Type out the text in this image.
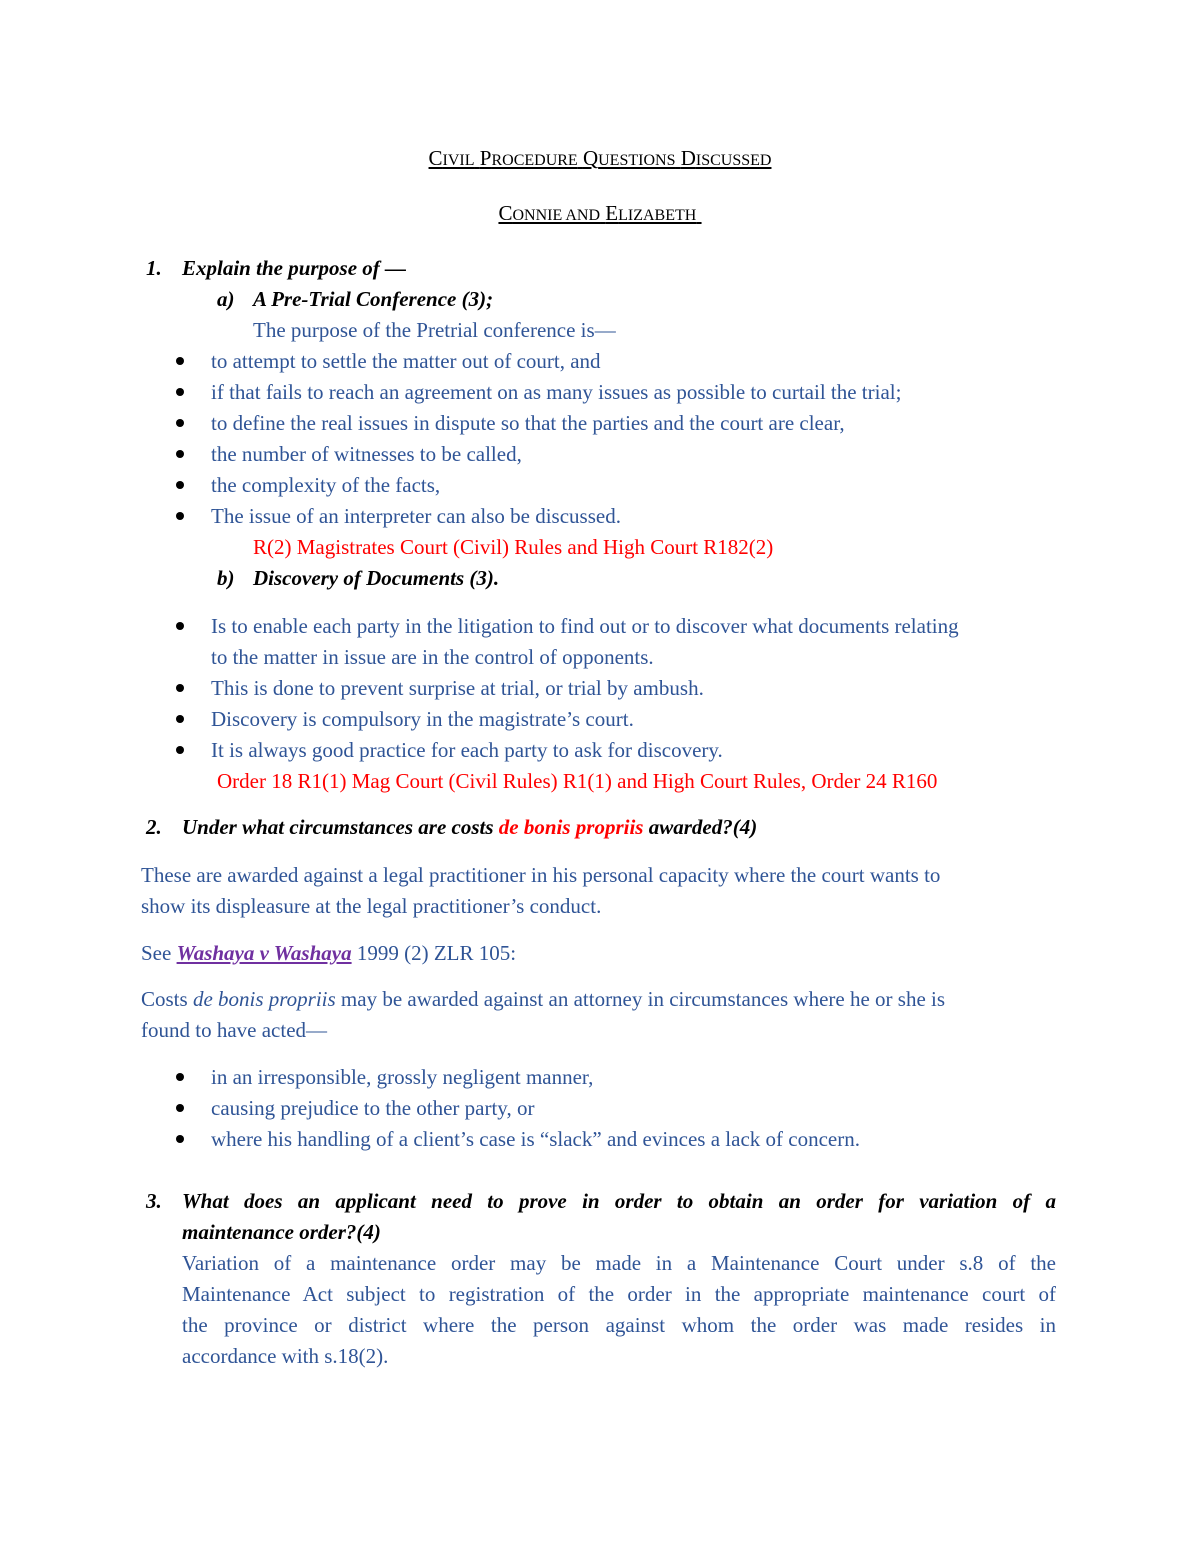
CIVIL PROCEDURE QUESTIONS DISCUSSED
CONNIE AND ELIZABETH
1. Explain the purpose of —
a) A Pre-Trial Conference (3);
The purpose of the Pretrial conference is—
to attempt to settle the matter out of court, and
if that fails to reach an agreement on as many issues as possible to curtail the trial;
to define the real issues in dispute so that the parties and the court are clear,
the number of witnesses to be called,
the complexity of the facts,
The issue of an interpreter can also be discussed.
R(2) Magistrates Court (Civil) Rules and High Court R182(2)
b) Discovery of Documents (3).
Is to enable each party in the litigation to find out or to discover what documents relating
to the matter in issue are in the control of opponents.
This is done to prevent surprise at trial, or trial by ambush.
Discovery is compulsory in the magistrate’s court.
It is always good practice for each party to ask for discovery.
Order 18 R1(1) Mag Court (Civil Rules) R1(1) and High Court Rules, Order 24 R160
2. Under what circumstances are costs de bonis propriis awarded?(4)
These are awarded against a legal practitioner in his personal capacity where the court wants to
show its displeasure at the legal practitioner’s conduct.
See Washaya v Washaya 1999 (2) ZLR 105:
Costs de bonis propriis may be awarded against an attorney in circumstances where he or she is
found to have acted—
in an irresponsible, grossly negligent manner,
causing prejudice to the other party, or
where his handling of a client’s case is “slack” and evinces a lack of concern.
3. What does an applicant need to prove in order to obtain an order for variation of a
maintenance order?(4)
Variation of a maintenance order may be made in a Maintenance Court under s.8 of the
Maintenance Act subject to registration of the order in the appropriate maintenance court of
the province or district where the person against whom the order was made resides in
accordance with s.18(2).
